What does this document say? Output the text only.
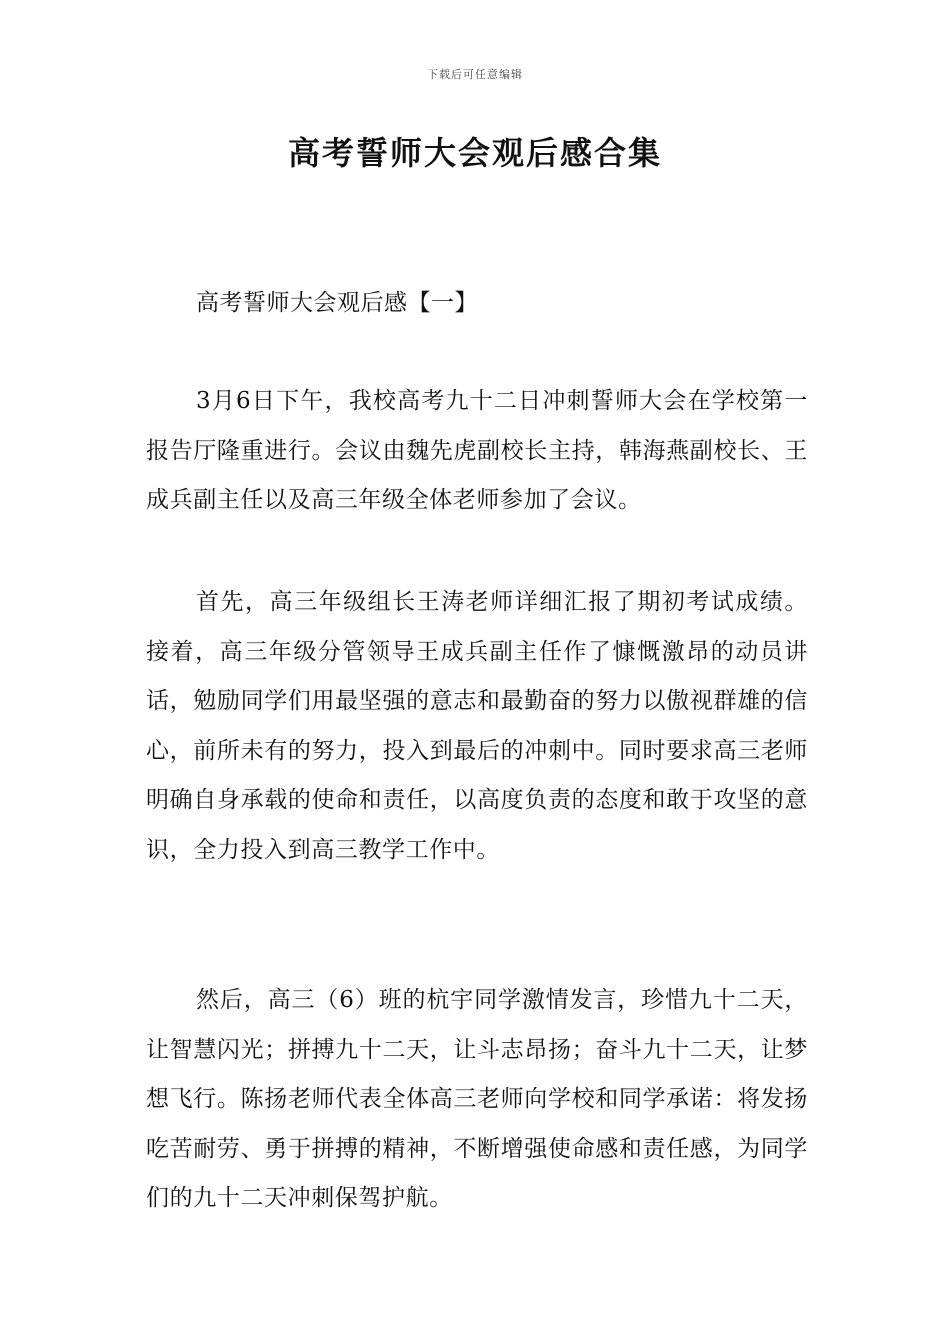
下载后可任意编辑
高考誓师大会观后感合集
高考誓师大会观后感【一】

3月6日下午，我校高考九十二日冲刺誓师大会在学校第一报告厅隆重进行。会议由魏先虎副校长主持，韩海燕副校长、王成兵副主任以及高三年级全体老师参加了会议。

首先，高三年级组长王涛老师详细汇报了期初考试成绩。接着，高三年级分管领导王成兵副主任作了慷慨激昂的动员讲话，勉励同学们用最坚强的意志和最勤奋的努力以傲视群雄的信心，前所未有的努力，投入到最后的冲刺中。同时要求高三老师明确自身承载的使命和责任，以高度负责的态度和敢于攻坚的意识，全力投入到高三教学工作中。

然后，高三（6）班的杭宇同学激情发言，珍惜九十二天，让智慧闪光；拼搏九十二天，让斗志昂扬；奋斗九十二天，让梦想飞行。陈扬老师代表全体高三老师向学校和同学承诺：将发扬吃苦耐劳、勇于拼搏的精神，不断增强使命感和责任感，为同学们的九十二天冲刺保驾护航。
